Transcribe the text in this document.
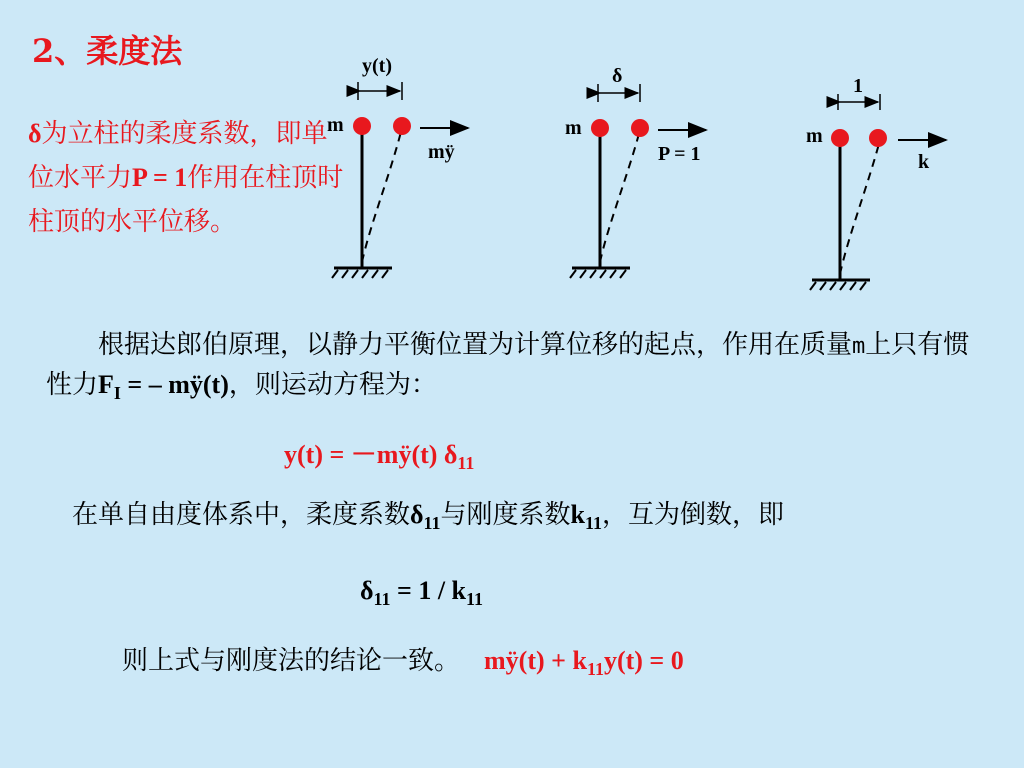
2、柔度法
δ为立柱的柔度系数，即单位水平力P = 1作用在柱顶时柱顶的水平位移。
y(t)
m
mÿ
δ
m
P = 1
1
m
k
根据达郎伯原理，以静力平衡位置为计算位移的起点，作用在质量m上只有惯性力$F_I$ = – mÿ(t)，则运动方程为：
y(t) = －mÿ(t) $\delta_{11}$
在单自由度体系中，柔度系数$\delta_{11}$与刚度系数$k_{11}$，互为倒数，即
$\delta_{11} = 1 / k_{11}$
则上式与刚度法的结论一致。 mÿ(t) + $k_{11}y(t) = 0$
